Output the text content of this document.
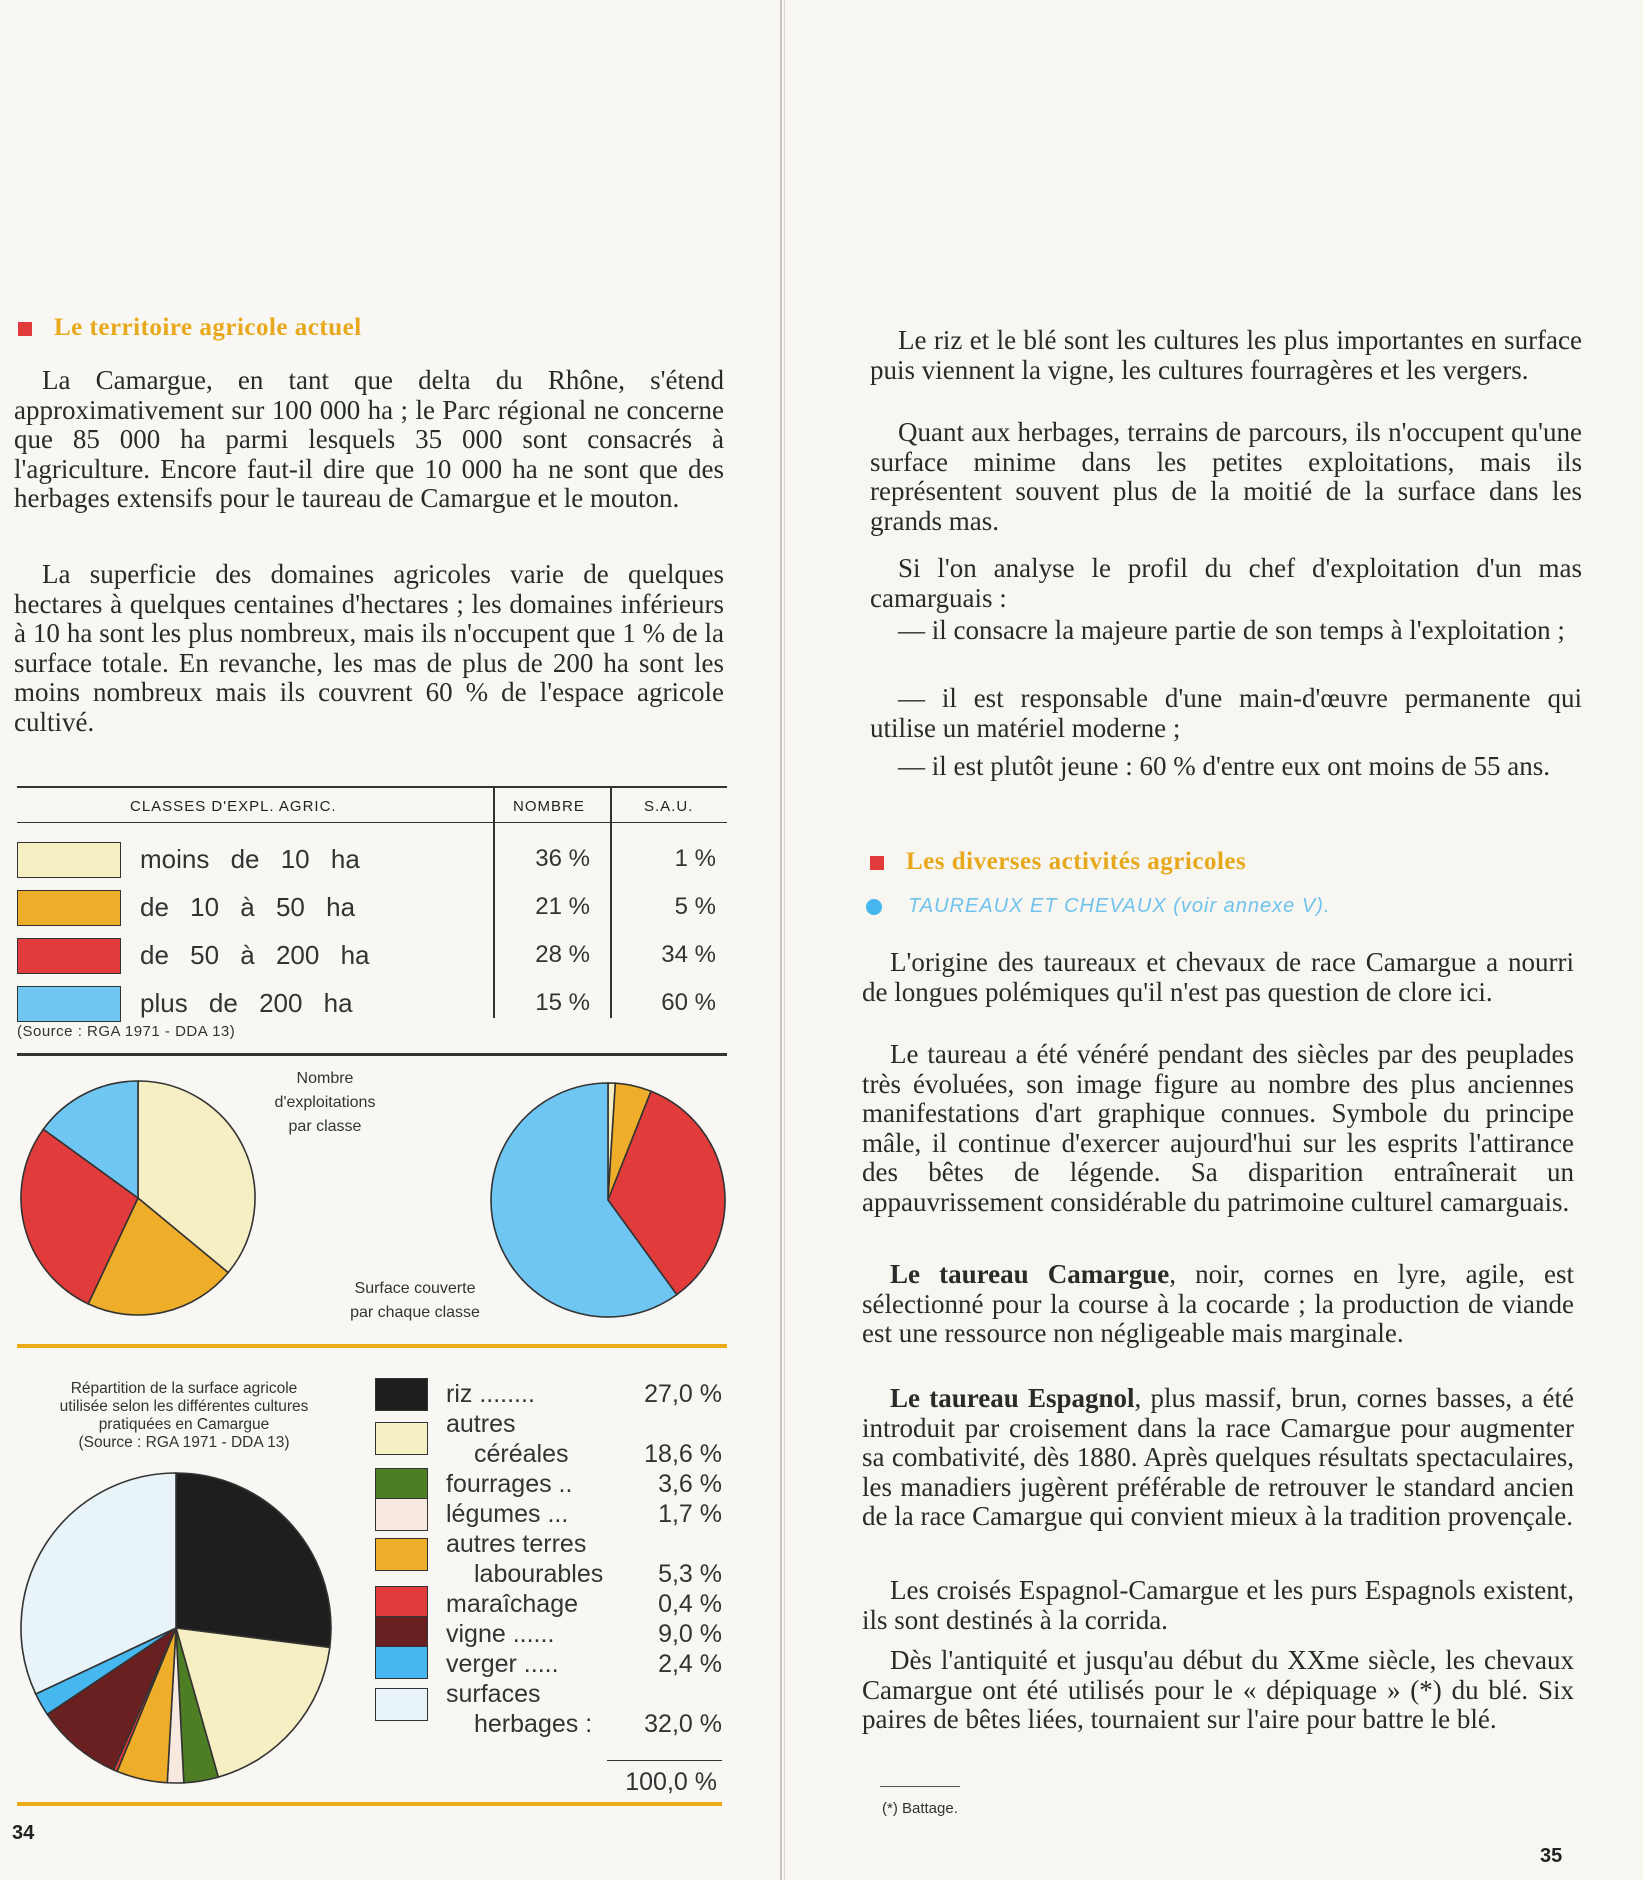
Le territoire agricole actuel

La Camargue, en tant que delta du Rhône, s'étend approximativement sur 100 000 ha ; le Parc régional ne concerne que 85 000 ha parmi lesquels 35 000 sont consacrés à l'agriculture. Encore faut-il dire que 10 000 ha ne sont que des herbages extensifs pour le taureau de Camargue et le mouton.

La superficie des domaines agricoles varie de quelques hectares à quelques centaines d'hectares ; les domaines inférieurs à 10 ha sont les plus nombreux, mais ils n'occupent que 1 % de la surface totale. En revanche, les mas de plus de 200 ha sont les moins nombreux mais ils couvrent 60 % de l'espace agricole cultivé.

CLASSES D'EXPL. AGRIC.	NOMBRE	S.A.U.
moins de 10 ha	36 %	1 %
de 10 à 50 ha	21 %	5 %
de 50 à 200 ha	28 %	34 %
plus de 200 ha	15 %	60 %
(Source : RGA 1971 - DDA 13)
Nombre
d'exploitations
par classe
Surface couverte
par chaque classe
Répartition de la surface agricole
utilisée selon les différentes cultures
pratiquées en Camargue
(Source : RGA 1971 - DDA 13)
riz ........	27,0 %
autres
céréales	18,6 %
fourrages ..	3,6 %
légumes ...	1,7 %
autres terres
labourables	5,3 %
maraîchage	0,4 %
vigne ......	9,0 %
verger .....	2,4 %
surfaces
herbages :	32,0 %
100,0 %
34

Le riz et le blé sont les cultures les plus importantes en surface puis viennent la vigne, les cultures fourragères et les vergers.

Quant aux herbages, terrains de parcours, ils n'occupent qu'une surface minime dans les petites exploitations, mais ils représentent souvent plus de la moitié de la surface dans les grands mas.

Si l'on analyse le profil du chef d'exploitation d'un mas camarguais :

— il consacre la majeure partie de son temps à l'exploitation ;

— il est responsable d'une main-d'œuvre permanente qui utilise un matériel moderne ;

— il est plutôt jeune : 60 % d'entre eux ont moins de 55 ans.

Les diverses activités agricoles
TAUREAUX ET CHEVAUX (voir annexe V).

L'origine des taureaux et chevaux de race Camargue a nourri de longues polémiques qu'il n'est pas question de clore ici.

Le taureau a été vénéré pendant des siècles par des peuplades très évoluées, son image figure au nombre des plus anciennes manifestations d'art graphique connues. Symbole du principe mâle, il continue d'exercer aujourd'hui sur les esprits l'attirance des bêtes de légende. Sa disparition entraînerait un appauvrissement considérable du patrimoine culturel camarguais.

Le taureau Camargue, noir, cornes en lyre, agile, est sélectionné pour la course à la cocarde ; la production de viande est une ressource non négligeable mais marginale.

Le taureau Espagnol, plus massif, brun, cornes basses, a été introduit par croisement dans la race Camargue pour augmenter sa combativité, dès 1880. Après quelques résultats spectaculaires, les manadiers jugèrent préférable de retrouver le standard ancien de la race Camargue qui convient mieux à la tradition provençale.

Les croisés Espagnol-Camargue et les purs Espagnols existent, ils sont destinés à la corrida.

Dès l'antiquité et jusqu'au début du XXme siècle, les chevaux Camargue ont été utilisés pour le « dépiquage » (*) du blé. Six paires de bêtes liées, tournaient sur l'aire pour battre le blé.

(*) Battage.
35
